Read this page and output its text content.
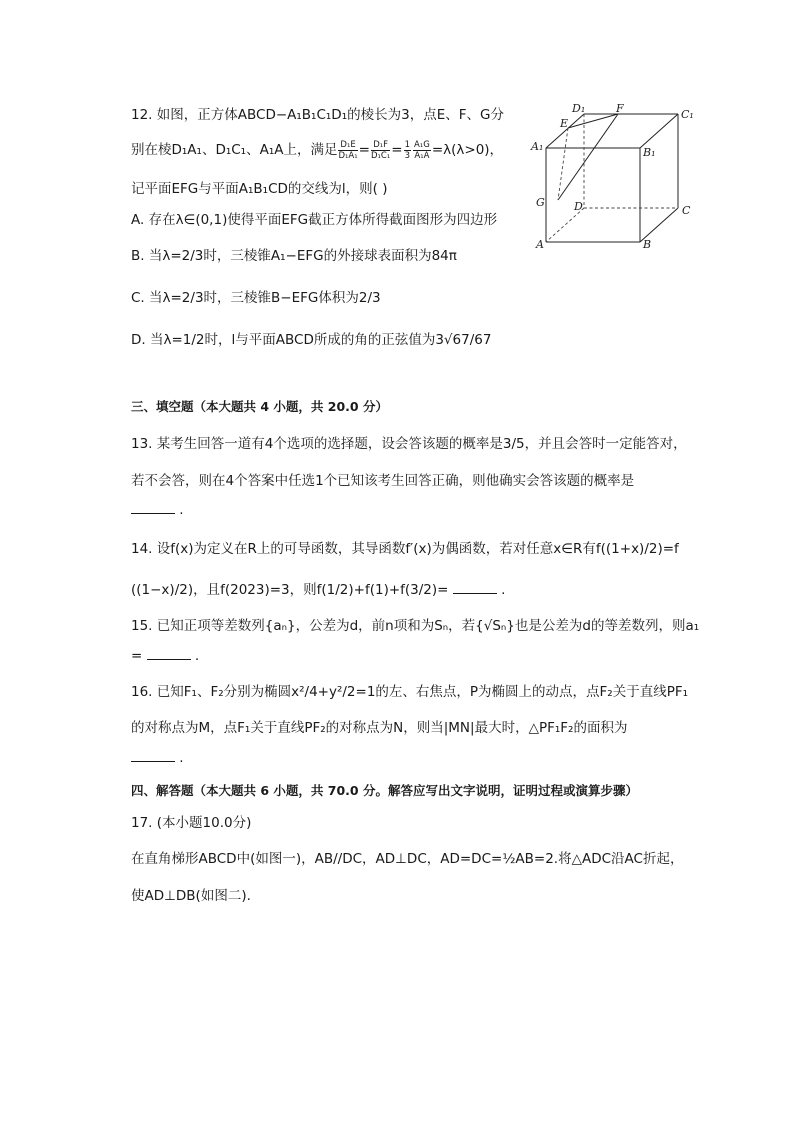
12. 如图，正方体ABCD−A₁B₁C₁D₁的棱长为3，点E、F、G分
别在棱D₁A₁、D₁C₁、A₁A上，满足 $\frac{\text{D₁E}}{\text{D₁A₁}} = \frac{\text{D₁F}}{\text{D₁C₁}} = \frac{1}{3} \frac{\text{A₁G}}{\text{A₁A}} =\lambda(\lambda>0)$，
记平面EFG与平面A₁B₁CD的交线为l，则( )
A. 存在λ∈(0,1)使得平面EFG截正方体所得截面图形为四边形
B. 当λ=2/3时，三棱锥A₁−EFG的外接球表面积为84π
C. 当λ=2/3时，三棱锥B−EFG体积为2/3
D. 当λ=1/2时，l与平面ABCD所成的角的正弦值为3√67/67
D₁	F	C₁
E
A₁	B₁
G	D	C
A	B
三、填空题（本大题共 4 小题，共 20.0 分）
13. 某考生回答一道有4个选项的选择题，设会答该题的概率是3/5，并且会答时一定能答对，
若不会答，则在4个答案中任选1个已知该考生回答正确，则他确实会答该题的概率是
.
14. 设f(x)为定义在R上的可导函数，其导函数f′(x)为偶函数，若对任意x∈R有f((1+x)/2)=f
((1−x)/2)，且f(2023)=3，则f(1/2)+f(1)+f(3/2)=	.
15. 已知正项等差数列{aₙ}，公差为d，前n项和为Sₙ，若{√Sₙ}也是公差为d的等差数列，则a₁
=	.
16. 已知F₁、F₂分别为椭圆x²/4+y²/2=1的左、右焦点，P为椭圆上的动点，点F₂关于直线PF₁
的对称点为M，点F₁关于直线PF₂的对称点为N，则当|MN|最大时，△PF₁F₂的面积为
.
四、解答题（本大题共 6 小题，共 70.0 分。解答应写出文字说明，证明过程或演算步骤）
17. (本小题10.0分)
在直角梯形ABCD中(如图一)，AB//DC，AD⊥DC，AD=DC=½AB=2.将△ADC沿AC折起，
使AD⊥DB(如图二).
